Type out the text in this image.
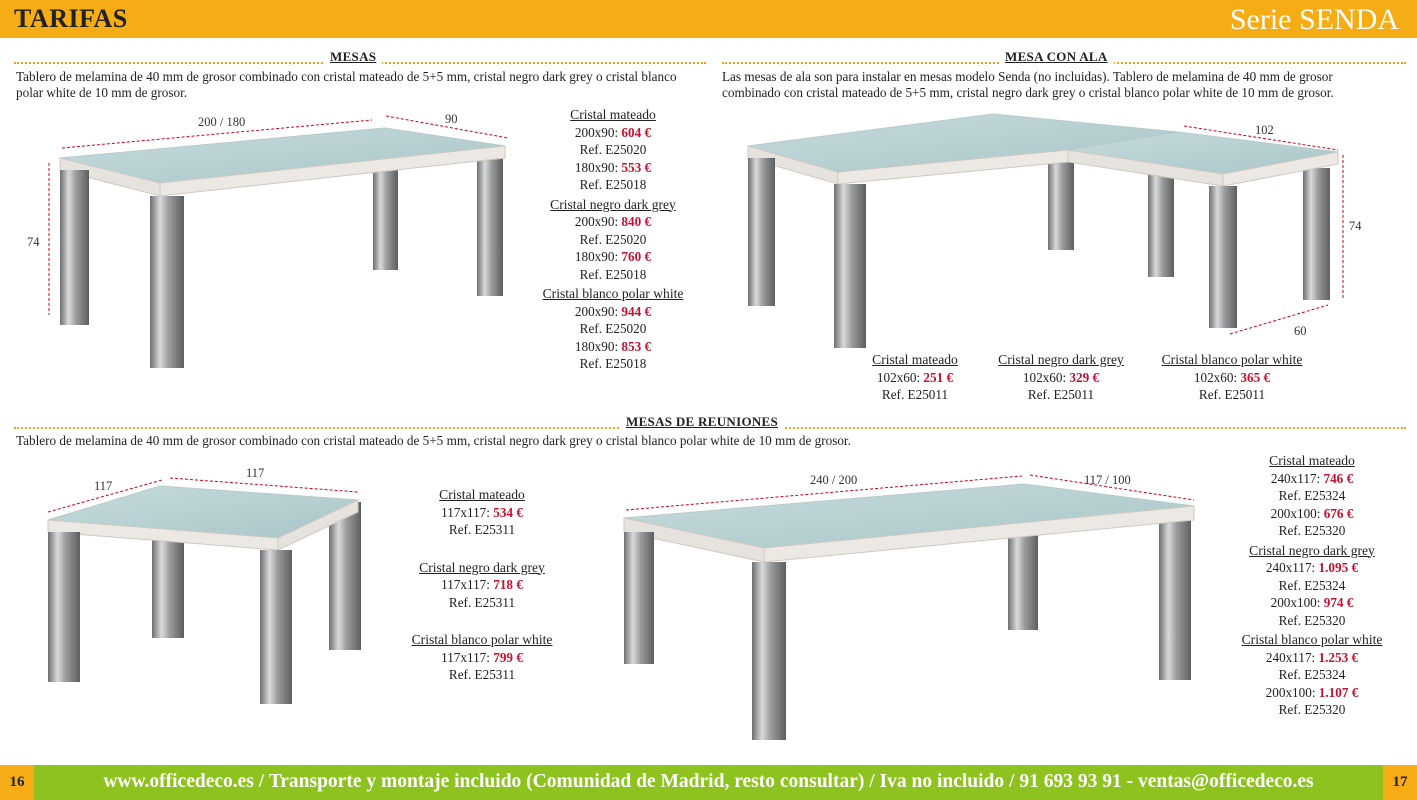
TARIFAS	Serie SENDA
MESAS
Tablero de melamina de 40 mm de grosor combinado con cristal mateado de 5+5 mm, cristal negro dark grey o cristal blanco polar white de 10 mm de grosor.
200 / 180	90
74
Cristal mateado
200x90: 604 €
Ref. E25020
180x90: 553 €
Ref. E25018
Cristal negro dark grey
200x90: 840 €
Ref. E25020
180x90: 760 €
Ref. E25018
Cristal blanco polar white
200x90: 944 €
Ref. E25020
180x90: 853 €
Ref. E25018
MESA CON ALA
Las mesas de ala son para instalar en mesas modelo Senda (no incluidas). Tablero de melamina de 40 mm de grosor combinado con cristal mateado de 5+5 mm, cristal negro dark grey o cristal blanco polar white de 10 mm de grosor.
102
74
60
Cristal mateado
102x60: 251 €
Ref. E25011
Cristal negro dark grey
102x60: 329 €
Ref. E25011
Cristal blanco polar white
102x60: 365 €
Ref. E25011
MESAS DE REUNIONES
Tablero de melamina de 40 mm de grosor combinado con cristal mateado de 5+5 mm, cristal negro dark grey o cristal blanco polar white de 10 mm de grosor.
117
117
Cristal mateado
117x117: 534 €
Ref. E25311
Cristal negro dark grey
117x117: 718 €
Ref. E25311
Cristal blanco polar white
117x117: 799 €
Ref. E25311
240 / 200	117 / 100
Cristal mateado
240x117: 746 €
Ref. E25324
200x100: 676 €
Ref. E25320
Cristal negro dark grey
240x117: 1.095 €
Ref. E25324
200x100: 974 €
Ref. E25320
Cristal blanco polar white
240x117: 1.253 €
Ref. E25324
200x100: 1.107 €
Ref. E25320
16	17
www.officedeco.es / Transporte y montaje incluido (Comunidad de Madrid, resto consultar) / Iva no incluido / 91 693 93 91 - ventas@officedeco.es
